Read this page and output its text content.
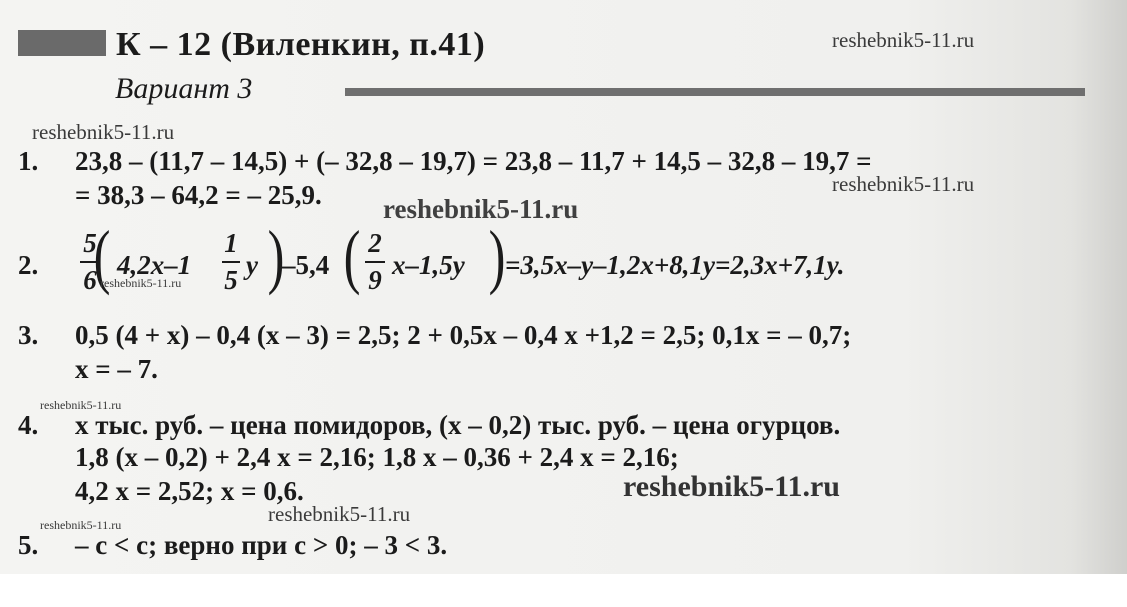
К – 12 (Виленкин, п.41)	reshebnik5-11.ru
Вариант 3
reshebnik5-11.ru
1. 23,8 – (11,7 – 14,5) + (– 32,8 – 19,7) = 23,8 – 11,7 + 14,5 – 32,8 – 19,7 =
= 38,3 – 64,2 = – 25,9.	reshebnik5-11.ru
reshebnik5-11.ru
2.
5
6
( 4,2x–1
1
5 y )
–5,4 ( 2
9 x–1,5y ) =3,5x–y–1,2x+8,1y=2,3x+7,1y.
reshebnik5-11.ru
3. 0,5 (4 + x) – 0,4 (x – 3) = 2,5; 2 + 0,5x – 0,4 x +1,2 = 2,5; 0,1x = – 0,7;
x = – 7.
reshebnik5-11.ru
4. x тыс. руб. – цена помидоров, (x – 0,2) тыс. руб. – цена огурцов.
1,8 (x – 0,2) + 2,4 x = 2,16; 1,8 x – 0,36 + 2,4 x = 2,16;
4,2 x = 2,52; x = 0,6.	reshebnik5-11.ru
reshebnik5-11.ru
reshebnik5-11.ru
5. – c < c; верно при c > 0; – 3 < 3.
